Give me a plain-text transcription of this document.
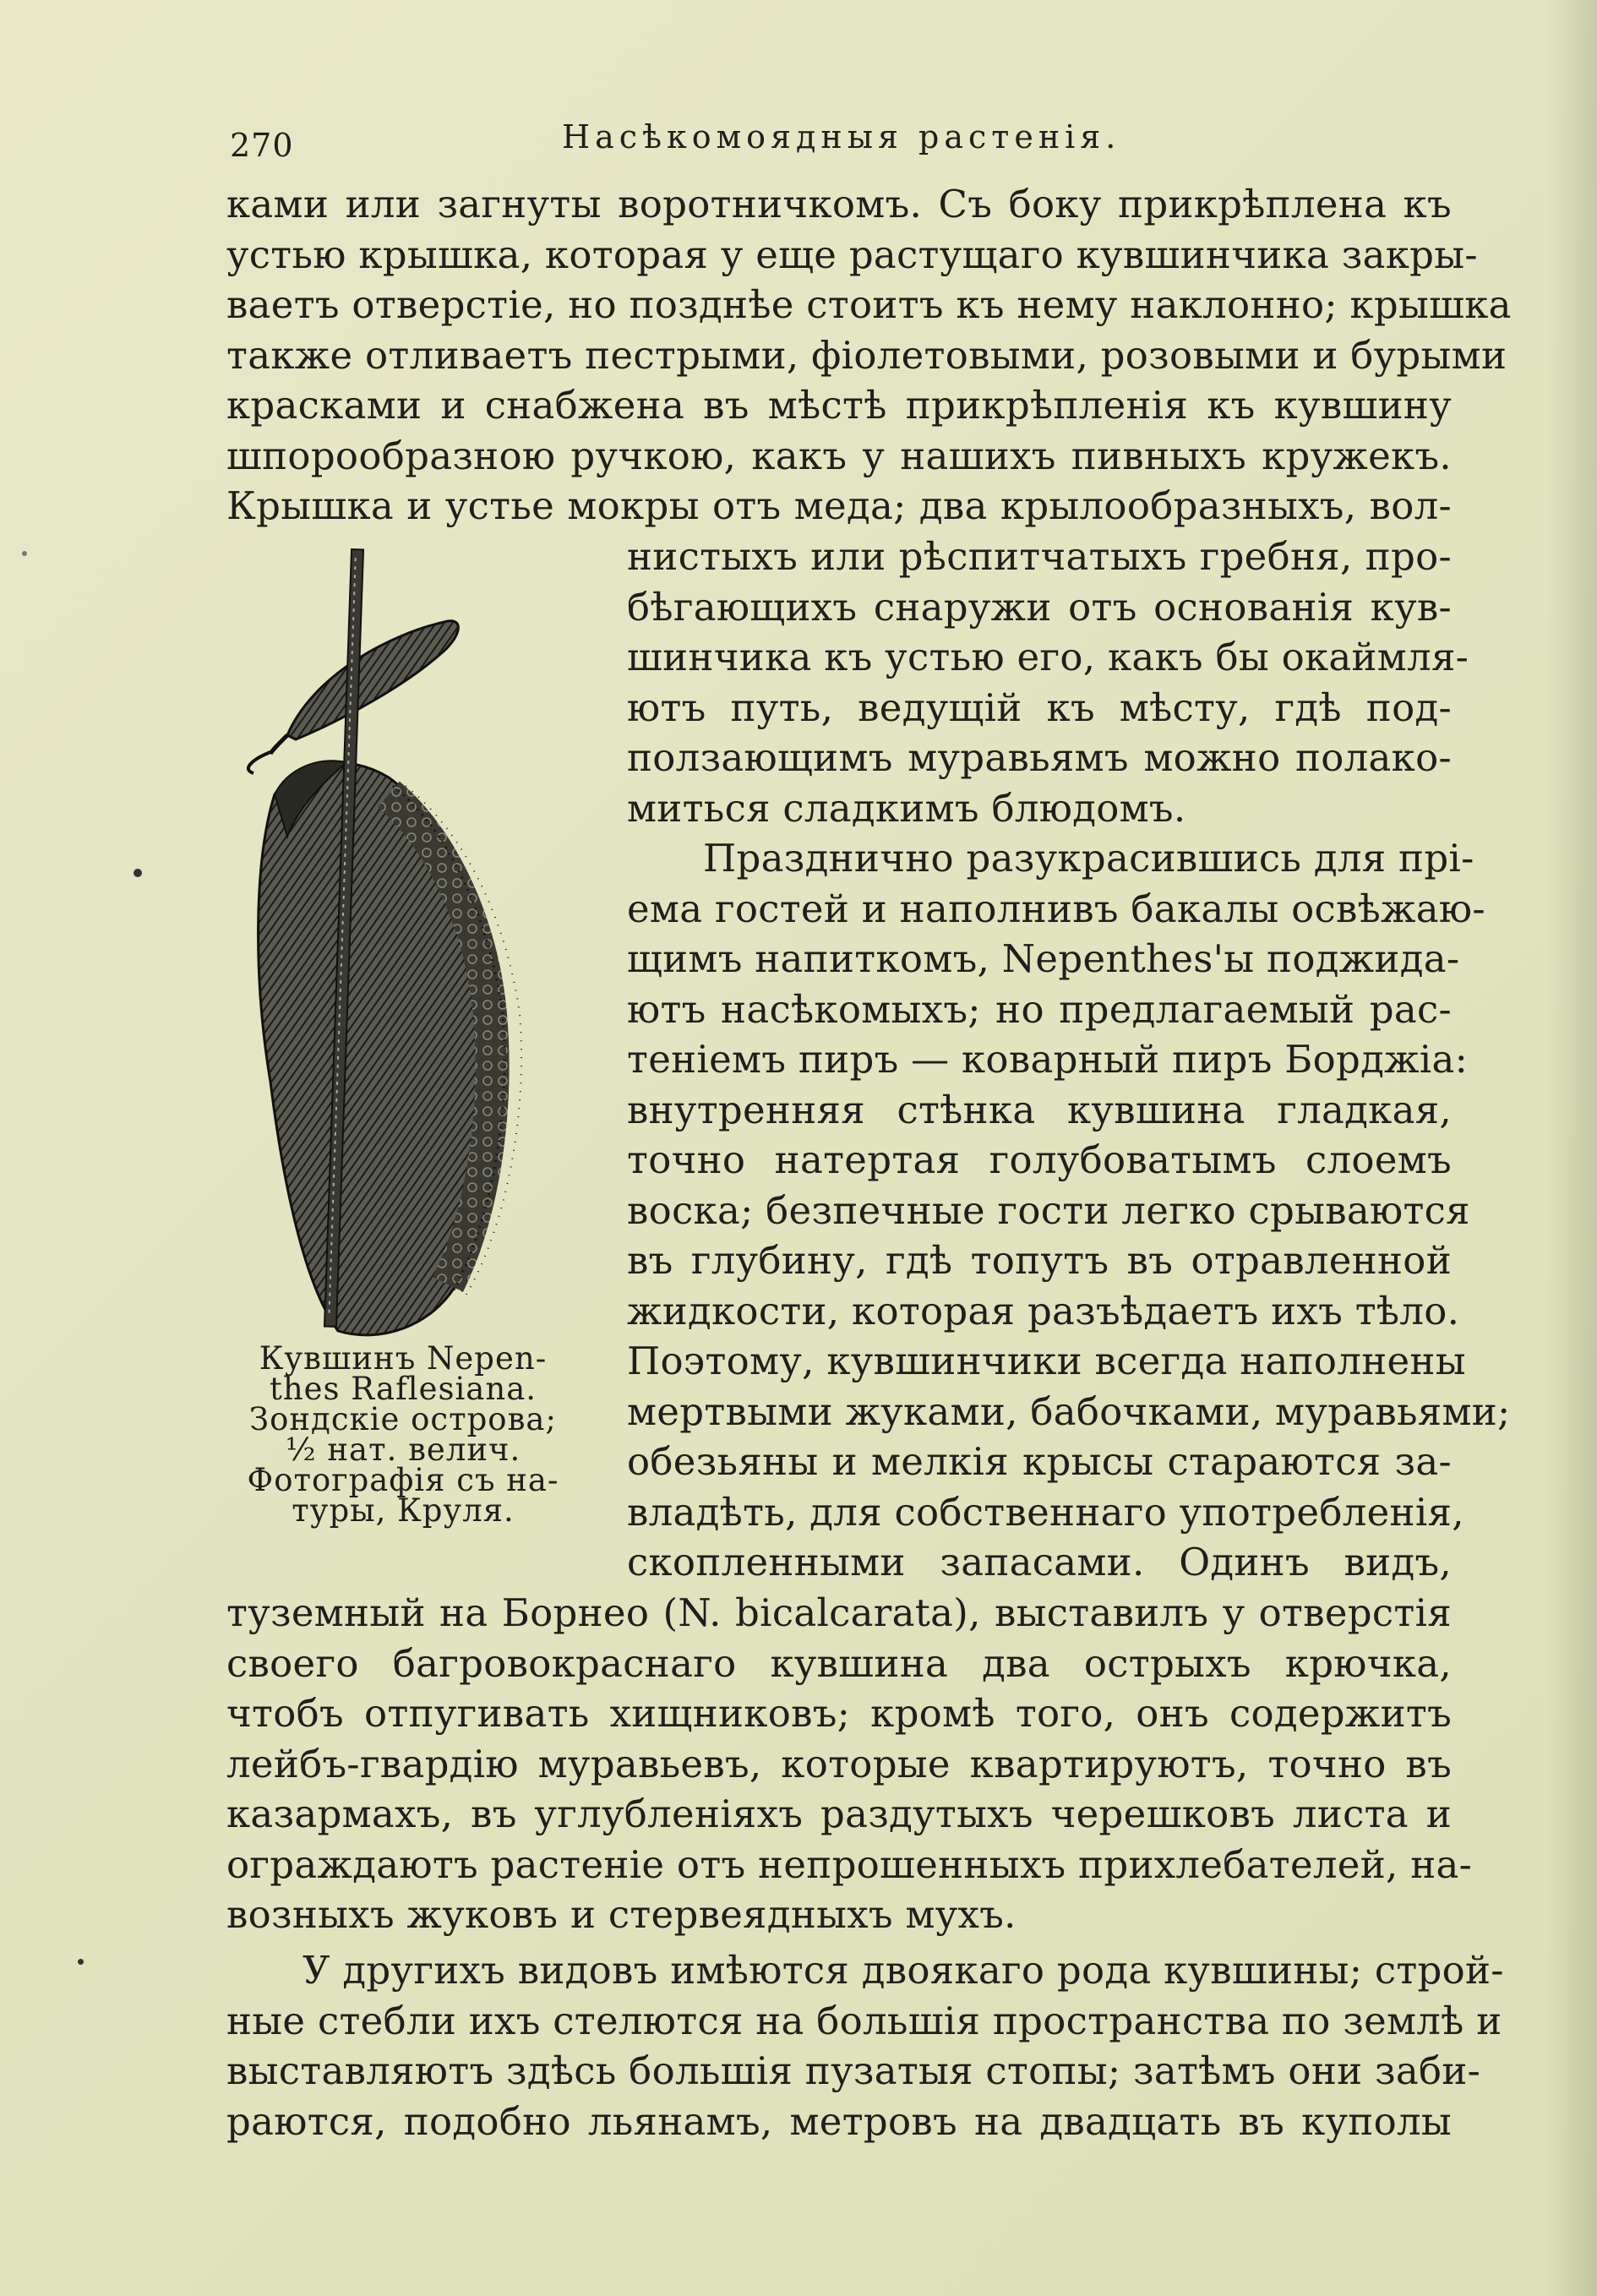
270	Насѣкомоядныя растенія.
ками или загнуты воротничкомъ. Съ боку прикрѣплена къ
устью крышка, которая у еще растущаго кувшинчика закры-
ваетъ отверстіе, но позднѣе стоитъ къ нему наклонно; крышка
также отливаетъ пестрыми, фіолетовыми, розовыми и бурыми
красками и снабжена въ мѣстѣ прикрѣпленія къ кувшину
шпорообразною ручкою, какъ у нашихъ пивныхъ кружекъ.
Крышка и устье мокры отъ меда; два крылообразныхъ, вол-
нистыхъ или рѣспитчатыхъ гребня, про-
бѣгающихъ снаружи отъ основанія кув-
шинчика къ устью его, какъ бы окаймля-
ютъ путь, ведущій къ мѣсту, гдѣ под-
ползающимъ муравьямъ можно полако-
миться сладкимъ блюдомъ.
Празднично разукрасившись для прі-
ема гостей и наполнивъ бакалы освѣжаю-
щимъ напиткомъ, Nepenthes'ы поджида-
ютъ насѣкомыхъ; но предлагаемый рас-
теніемъ пиръ — коварный пиръ Борджіа:
внутренняя стѣнка кувшина гладкая,
точно натертая голубоватымъ слоемъ
воска; безпечные гости легко срываются
въ глубину, гдѣ топутъ въ отравленной
жидкости, которая разъѣдаетъ ихъ тѣло.
Поэтому, кувшинчики всегда наполнены
мертвыми жуками, бабочками, муравьями;
обезьяны и мелкія крысы стараются за-
владѣть, для собственнаго употребленія,
скопленными запасами. Одинъ видъ,
туземный на Борнео (N. bicalcarata), выставилъ у отверстія
своего багровокраснаго кувшина два острыхъ крючка,
чтобъ отпугивать хищниковъ; кромѣ того, онъ содержитъ
лейбъ-гвардію муравьевъ, которые квартируютъ, точно въ
казармахъ, въ углубленіяхъ раздутыхъ черешковъ листа и
ограждаютъ растеніе отъ непрошенныхъ прихлебателей, на-
возныхъ жуковъ и стервеядныхъ мухъ.
У другихъ видовъ имѣются двоякаго рода кувшины; строй-
ные стебли ихъ стелются на большія пространства по землѣ и
выставляютъ здѣсь большія пузатыя стопы; затѣмъ они заби-
раются, подобно льянамъ, метровъ на двадцать въ куполы
Кувшинъ Nepen-
thes Raflesiana.
Зондскіе острова;
½ нат. велич.
Фотографія съ на-
туры, Круля.
